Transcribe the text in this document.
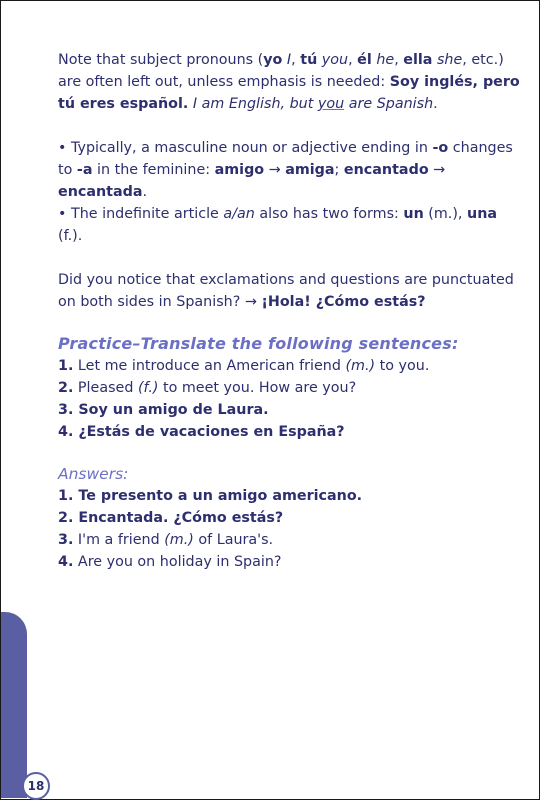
18

Note that subject pronouns (yo I, tú you, él he, ella she, etc.) are often left out, unless emphasis is needed: Soy inglés, pero tú eres español. I am English, but you are Spanish.

• Typically, a masculine noun or adjective ending in -o changes to -a in the feminine: amigo → amiga; encantado → encantada.

• The indefinite article a/an also has two forms: un (m.), una (f.).

Did you notice that exclamations and questions are punctuated on both sides in Spanish? → ¡Hola! ¿Cómo estás?

Practice–Translate the following sentences:

1. Let me introduce an American friend (m.) to you.
2. Pleased (f.) to meet you. How are you?
3. Soy un amigo de Laura.
4. ¿Estás de vacaciones en España?

Answers:

1. Te presento a un amigo americano.
2. Encantada. ¿Cómo estás?
3. I'm a friend (m.) of Laura's.
4. Are you on holiday in Spain?
